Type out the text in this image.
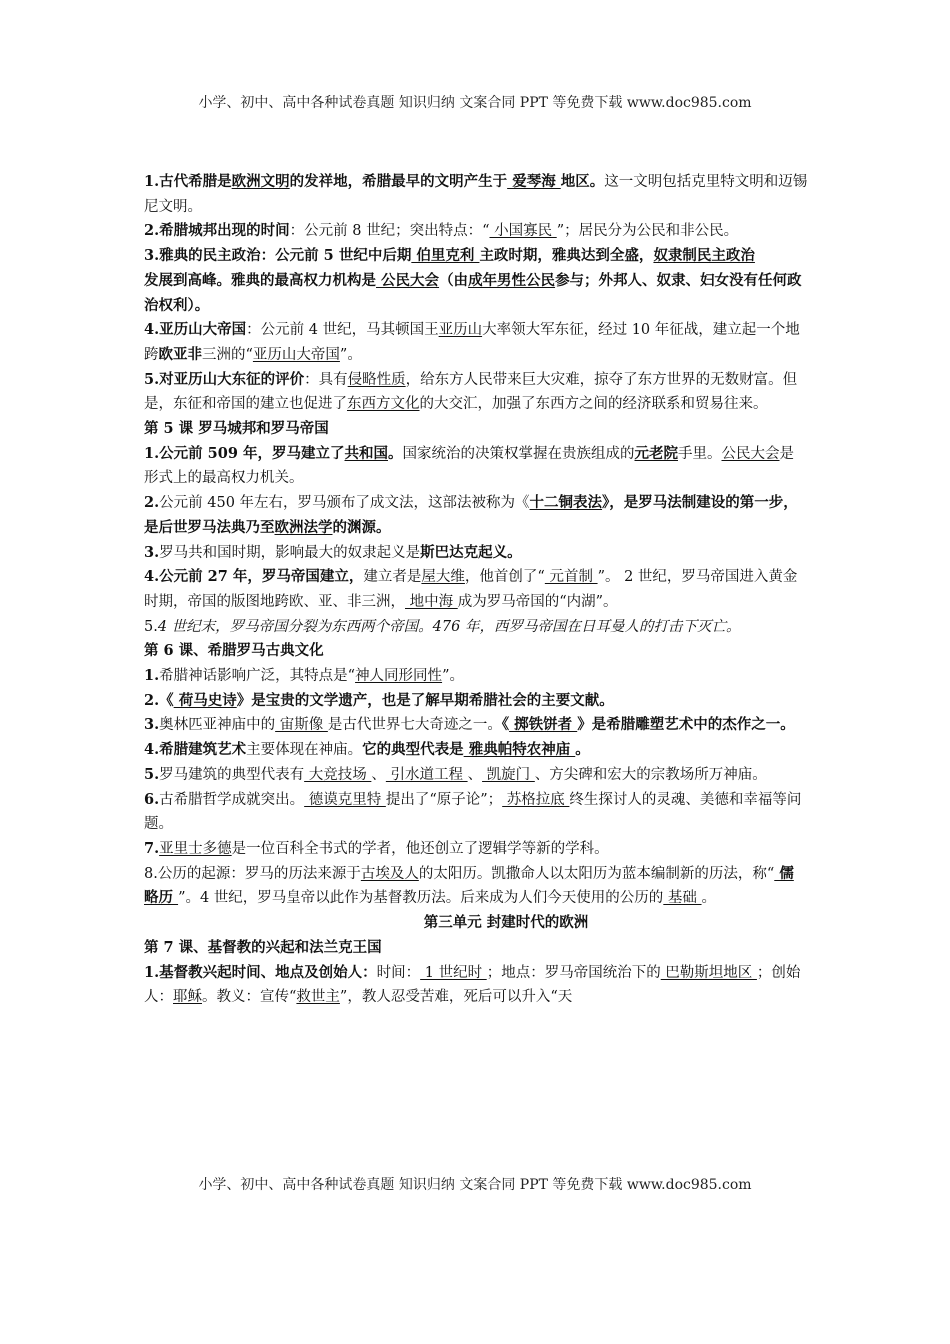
小学、初中、高中各种试卷真题 知识归纳 文案合同 PPT 等免费下载 www.doc985.com

1.古代希腊是欧洲文明的发祥地，希腊最早的文明产生于 爱琴海 地区。这一文明包括克里特文明和迈锡尼文明。

2.希腊城邦出现的时间：公元前 8 世纪；突出特点：“ 小国寡民 ”；居民分为公民和非公民。

3.雅典的民主政治：公元前 5 世纪中后期 伯里克利 主政时期，雅典达到全盛，奴隶制民主政治

发展到高峰。雅典的最高权力机构是 公民大会（由成年男性公民参与；外邦人、奴隶、妇女没有任何政治权利）。

4.亚历山大帝国：公元前 4 世纪，马其顿国王亚历山大率领大军东征，经过 10 年征战，建立起一个地跨欧亚非三洲的“亚历山大帝国”。

5.对亚历山大东征的评价：具有侵略性质，给东方人民带来巨大灾难，掠夺了东方世界的无数财富。但是，东征和帝国的建立也促进了东西方文化的大交汇，加强了东西方之间的经济联系和贸易往来。

第 5 课 罗马城邦和罗马帝国

1.公元前 509 年，罗马建立了共和国。国家统治的决策权掌握在贵族组成的元老院手里。公民大会是形式上的最高权力机关。

2.公元前 450 年左右，罗马颁布了成文法，这部法被称为《十二铜表法》，是罗马法制建设的第一步，是后世罗马法典乃至欧洲法学的渊源。

3.罗马共和国时期，影响最大的奴隶起义是斯巴达克起义。

4.公元前 27 年，罗马帝国建立，建立者是屋大维，他首创了“ 元首制 ”。 2 世纪，罗马帝国进入黄金时期，帝国的版图地跨欧、亚、非三洲， 地中海 成为罗马帝国的“内湖”。

5.4 世纪末，罗马帝国分裂为东西两个帝国。476 年，西罗马帝国在日耳曼人的打击下灭亡。

第 6 课、希腊罗马古典文化

1.希腊神话影响广泛，其特点是“神人同形同性”。

2.《 荷马史诗》是宝贵的文学遗产，也是了解早期希腊社会的主要文献。

3.奥林匹亚神庙中的 宙斯像 是古代世界七大奇迹之一。《 掷铁饼者 》是希腊雕塑艺术中的杰作之一。

4.希腊建筑艺术主要体现在神庙。它的典型代表是 雅典帕特农神庙 。

5.罗马建筑的典型代表有 大竞技场 、 引水道工程 、 凯旋门 、方尖碑和宏大的宗教场所万神庙。

6.古希腊哲学成就突出。 德谟克里特 提出了“原子论”； 苏格拉底 终生探讨人的灵魂、美德和幸福等问题。

7.亚里士多德是一位百科全书式的学者，他还创立了逻辑学等新的学科。

8.公历的起源：罗马的历法来源于古埃及人的太阳历。凯撒命人以太阳历为蓝本编制新的历法，称“ 儒略历 ”。4 世纪，罗马皇帝以此作为基督教历法。后来成为人们今天使用的公历的 基础 。

第三单元 封建时代的欧洲

第 7 课、基督教的兴起和法兰克王国

1.基督教兴起时间、地点及创始人：时间： 1 世纪时 ；地点：罗马帝国统治下的 巴勒斯坦地区 ；创始人：耶稣。教义：宣传“救世主”，教人忍受苦难，死后可以升入“天

小学、初中、高中各种试卷真题 知识归纳 文案合同 PPT 等免费下载 www.doc985.com
